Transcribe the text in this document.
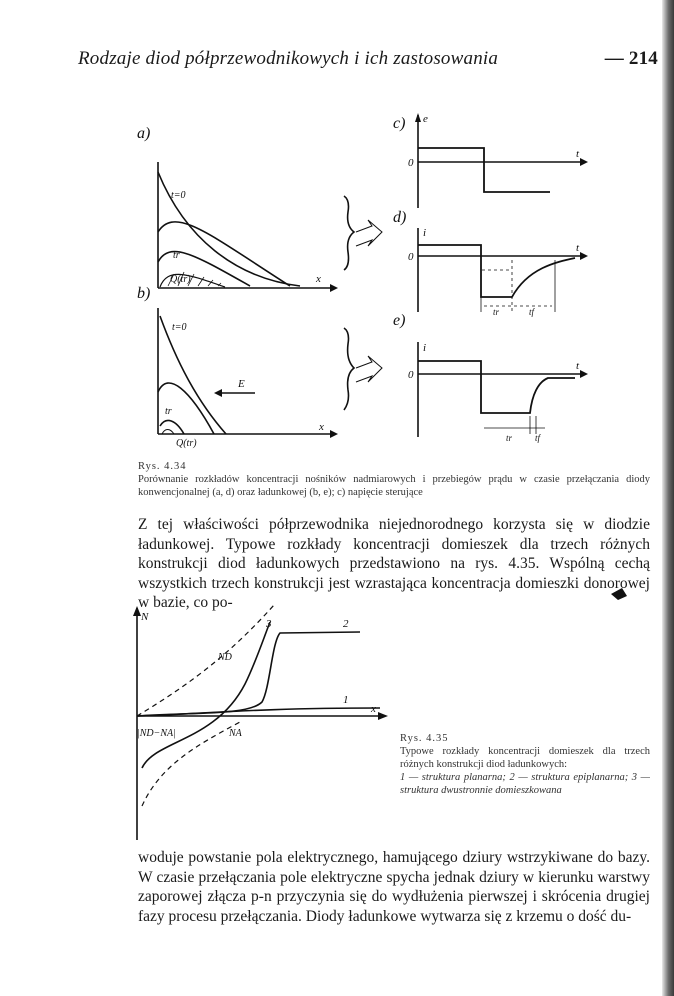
Rodzaje diod półprzewodnikowych i ich zastosowania	— 214
a)
b)
c)
d)
e)
t=0
tr
Q(tr)	x
t=0
tr
Q(tr)
E
x
e
0
t
i
0
t
tr	tf
i
0
t
tr	tf
N
x
ND
NA
|ND−NA|
1
2
3
Rys. 4.34
Porównanie rozkładów koncentracji nośników nadmiarowych i przebiegów prądu w czasie przełączania diody konwencjonalnej (a, d) oraz ładunkowej (b, e); c) napięcie sterujące

Z tej właściwości półprzewodnika niejednorodnego korzysta się w diodzie ładunkowej. Typowe rozkłady koncentracji domieszek dla trzech różnych konstrukcji diod ładunkowych przedstawiono na rys. 4.35. Wspólną cechą wszystkich trzech konstrukcji jest wzrastająca koncentracja domieszki donorowej w bazie, co po-

Rys. 4.35
Typowe rozkłady koncentracji domieszek dla trzech różnych konstrukcji diod ładunkowych:
1 — struktura planarna; 2 — struktura epiplanarna; 3 — struktura dwustronnie domieszkowana

woduje powstanie pola elektrycznego, hamującego dziury wstrzykiwane do bazy. W czasie przełączania pole elektryczne spycha jednak dziury w kierunku warstwy zaporowej złącza p-n przyczynia się do wydłużenia pierwszej i skrócenia drugiej fazy procesu przełączania. Diody ładunkowe wytwarza się z krzemu o dość du-
